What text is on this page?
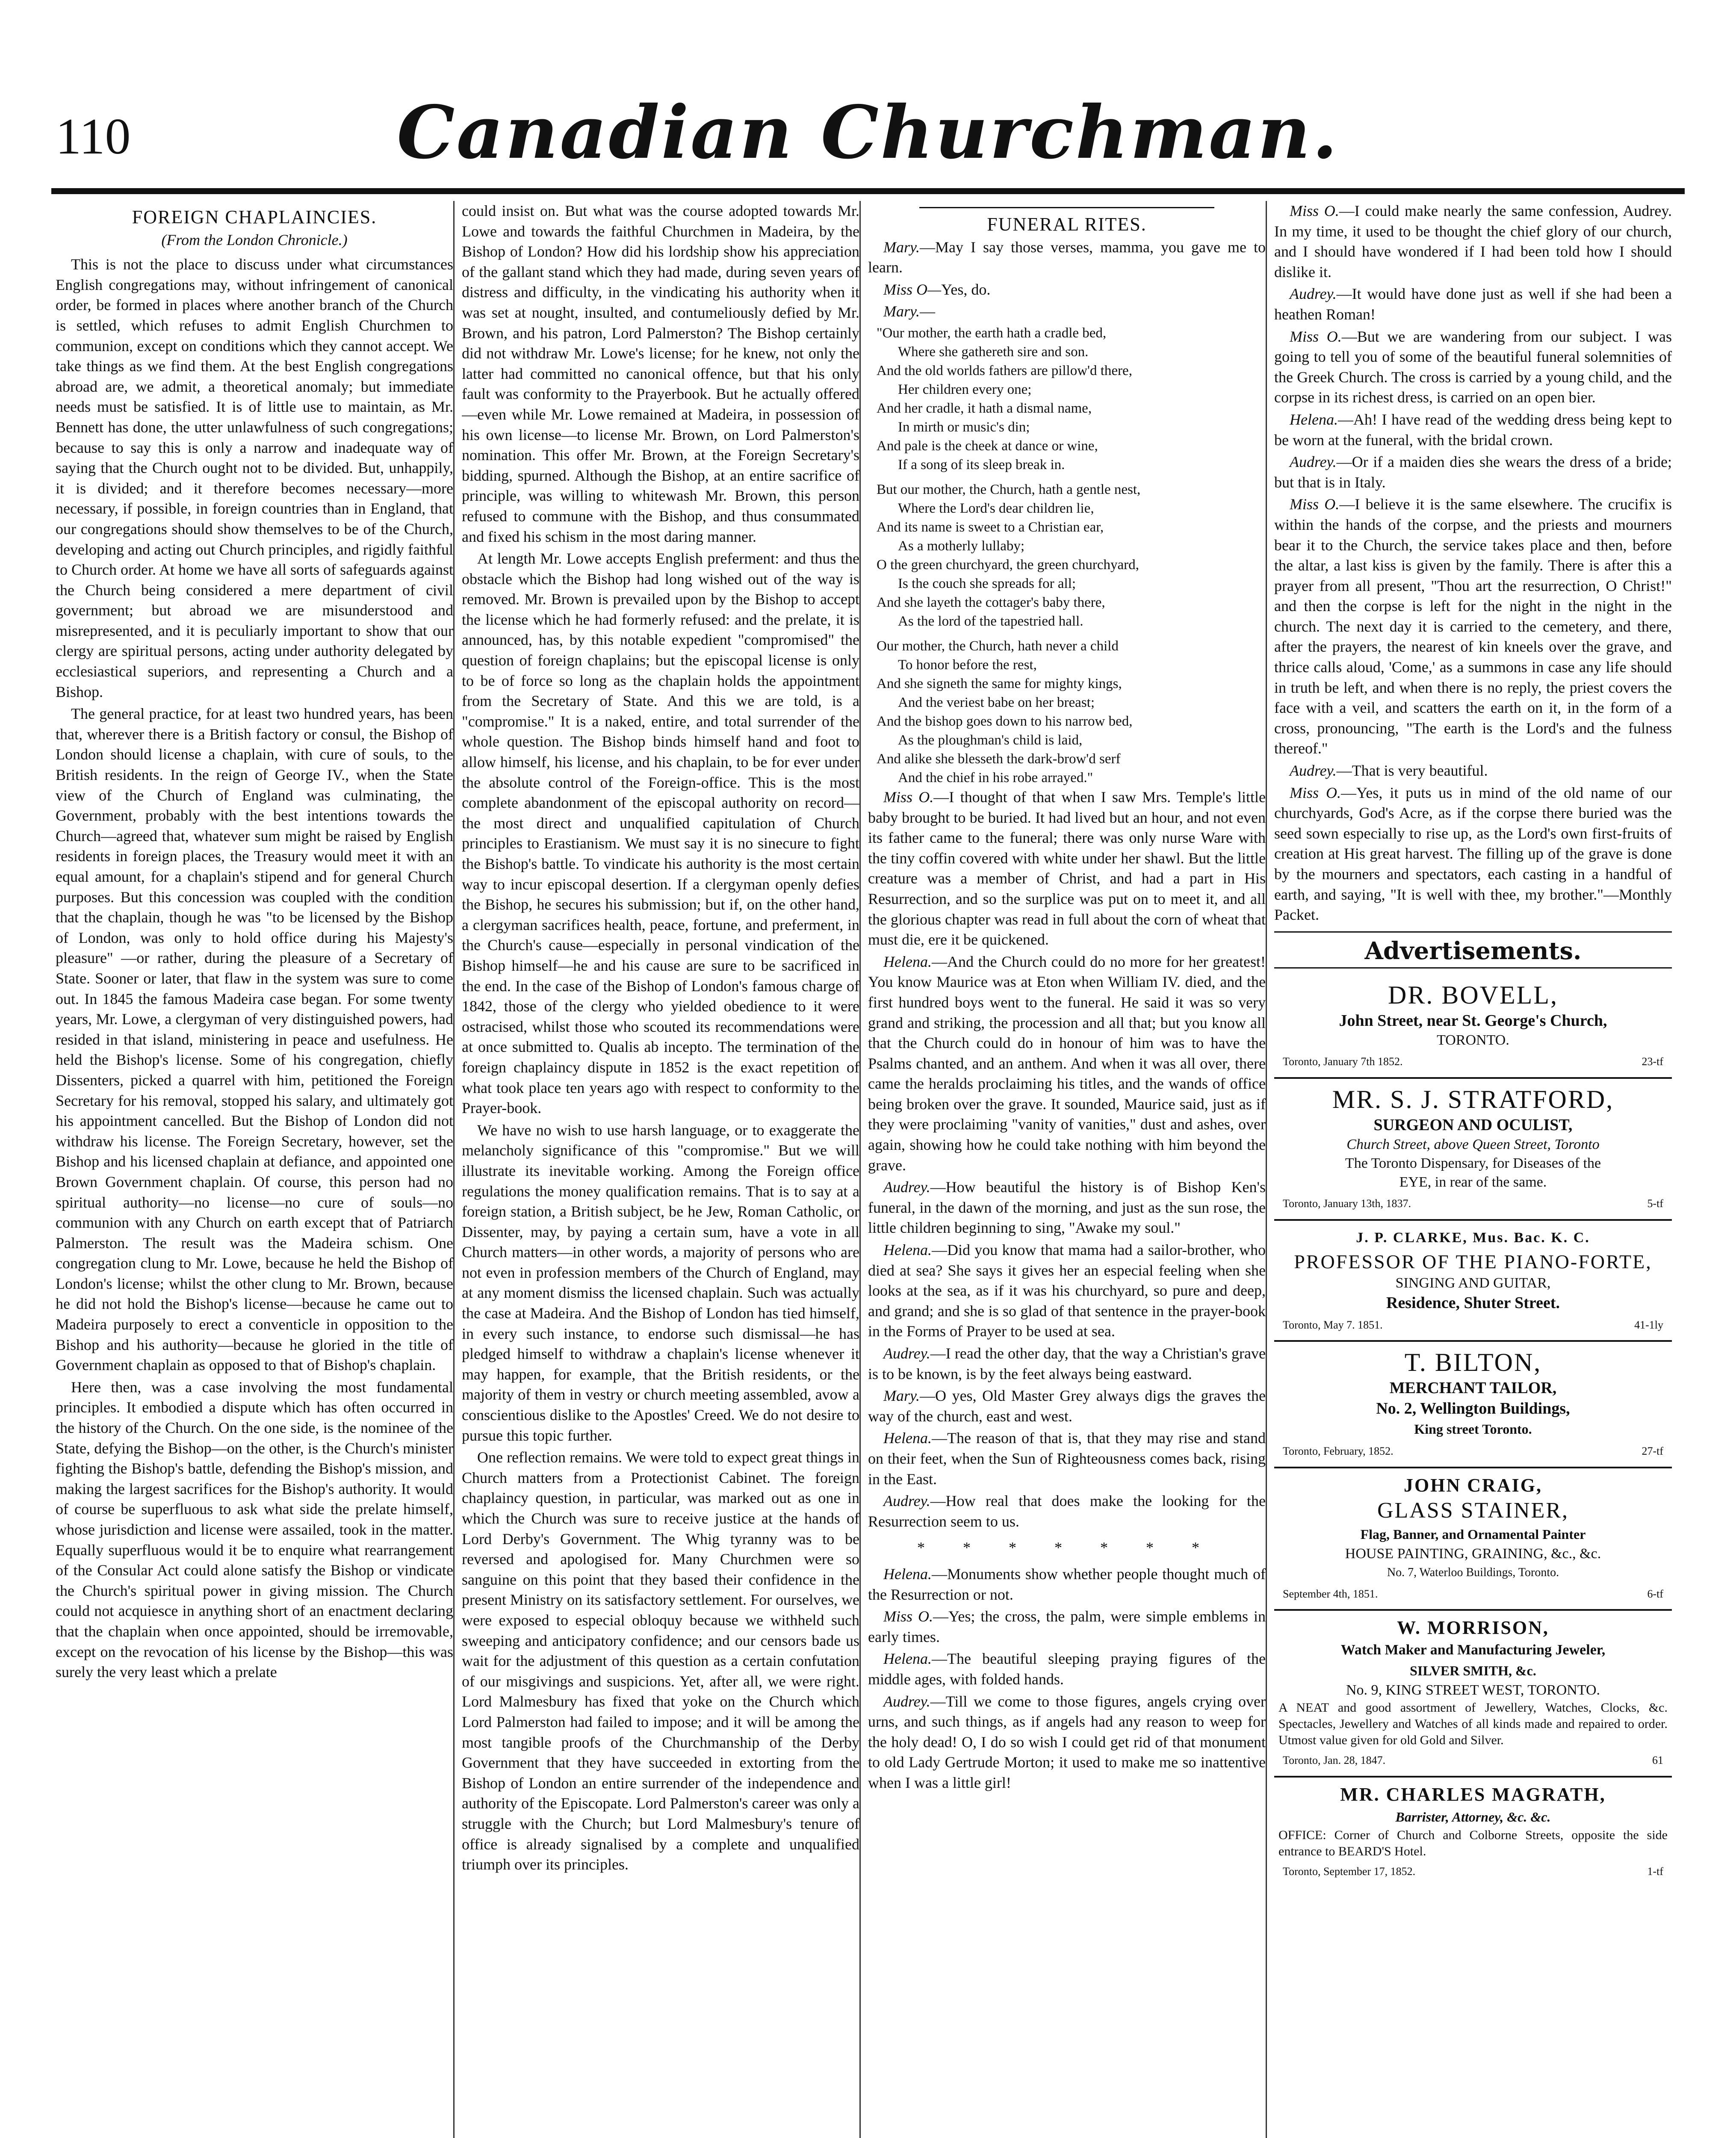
110	Canadian Churchman.
FOREIGN CHAPLAINCIES.
(From the London Chronicle.)

This is not the place to discuss under what circumstances English congregations may, without infringement of canonical order, be formed in places where another branch of the Church is settled, which refuses to admit English Churchmen to communion, except on conditions which they cannot accept. We take things as we find them. At the best English congregations abroad are, we admit, a theoretical anomaly; but immediate needs must be satisfied. It is of little use to maintain, as Mr. Bennett has done, the utter unlawfulness of such congregations; because to say this is only a narrow and inadequate way of saying that the Church ought not to be divided. But, unhappily, it is divided; and it therefore becomes necessary—more necessary, if possible, in foreign countries than in England, that our congregations should show themselves to be of the Church, developing and acting out Church principles, and rigidly faithful to Church order. At home we have all sorts of safeguards against the Church being considered a mere department of civil government; but abroad we are misunderstood and misrepresented, and it is peculiarly important to show that our clergy are spiritual persons, acting under authority delegated by ecclesiastical superiors, and representing a Church and a Bishop.

The general practice, for at least two hundred years, has been that, wherever there is a British factory or consul, the Bishop of London should license a chaplain, with cure of souls, to the British residents. In the reign of George IV., when the State view of the Church of England was culminating, the Government, probably with the best intentions towards the Church—agreed that, whatever sum might be raised by English residents in foreign places, the Treasury would meet it with an equal amount, for a chaplain's stipend and for general Church purposes. But this concession was coupled with the condition that the chaplain, though he was "to be licensed by the Bishop of London, was only to hold office during his Majesty's pleasure" —or rather, during the pleasure of a Secretary of State. Sooner or later, that flaw in the system was sure to come out. In 1845 the famous Madeira case began. For some twenty years, Mr. Lowe, a clergyman of very distinguished powers, had resided in that island, ministering in peace and usefulness. He held the Bishop's license. Some of his congregation, chiefly Dissenters, picked a quarrel with him, petitioned the Foreign Secretary for his removal, stopped his salary, and ultimately got his appointment cancelled. But the Bishop of London did not withdraw his license. The Foreign Secretary, however, set the Bishop and his licensed chaplain at defiance, and appointed one Brown Government chaplain. Of course, this person had no spiritual authority—no license—no cure of souls—no communion with any Church on earth except that of Patriarch Palmerston. The result was the Madeira schism. One congregation clung to Mr. Lowe, because he held the Bishop of London's license; whilst the other clung to Mr. Brown, because he did not hold the Bishop's license—because he came out to Madeira purposely to erect a conventicle in opposition to the Bishop and his authority—because he gloried in the title of Government chaplain as opposed to that of Bishop's chaplain.

Here then, was a case involving the most fundamental principles. It embodied a dispute which has often occurred in the history of the Church. On the one side, is the nominee of the State, defying the Bishop—on the other, is the Church's minister fighting the Bishop's battle, defending the Bishop's mission, and making the largest sacrifices for the Bishop's authority. It would of course be superfluous to ask what side the prelate himself, whose jurisdiction and license were assailed, took in the matter. Equally superfluous would it be to enquire what rearrangement of the Consular Act could alone satisfy the Bishop or vindicate the Church's spiritual power in giving mission. The Church could not acquiesce in anything short of an enactment declaring that the chaplain when once appointed, should be irremovable, except on the revocation of his license by the Bishop—this was surely the very least which a prelate

could insist on. But what was the course adopted towards Mr. Lowe and towards the faithful Churchmen in Madeira, by the Bishop of London? How did his lordship show his appreciation of the gallant stand which they had made, during seven years of distress and difficulty, in the vindicating his authority when it was set at nought, insulted, and contumeliously defied by Mr. Brown, and his patron, Lord Palmerston? The Bishop certainly did not withdraw Mr. Lowe's license; for he knew, not only the latter had committed no canonical offence, but that his only fault was conformity to the Prayerbook. But he actually offered—even while Mr. Lowe remained at Madeira, in possession of his own license—to license Mr. Brown, on Lord Palmerston's nomination. This offer Mr. Brown, at the Foreign Secretary's bidding, spurned. Although the Bishop, at an entire sacrifice of principle, was willing to whitewash Mr. Brown, this person refused to commune with the Bishop, and thus consummated and fixed his schism in the most daring manner.

At length Mr. Lowe accepts English preferment: and thus the obstacle which the Bishop had long wished out of the way is removed. Mr. Brown is prevailed upon by the Bishop to accept the license which he had formerly refused: and the prelate, it is announced, has, by this notable expedient "compromised" the question of foreign chaplains; but the episcopal license is only to be of force so long as the chaplain holds the appointment from the Secretary of State. And this we are told, is a "compromise." It is a naked, entire, and total surrender of the whole question. The Bishop binds himself hand and foot to allow himself, his license, and his chaplain, to be for ever under the absolute control of the Foreign-office. This is the most complete abandonment of the episcopal authority on record—the most direct and unqualified capitulation of Church principles to Erastianism. We must say it is no sinecure to fight the Bishop's battle. To vindicate his authority is the most certain way to incur episcopal desertion. If a clergyman openly defies the Bishop, he secures his submission; but if, on the other hand, a clergyman sacrifices health, peace, fortune, and preferment, in the Church's cause—especially in personal vindication of the Bishop himself—he and his cause are sure to be sacrificed in the end. In the case of the Bishop of London's famous charge of 1842, those of the clergy who yielded obedience to it were ostracised, whilst those who scouted its recommendations were at once submitted to. Qualis ab incepto. The termination of the foreign chaplaincy dispute in 1852 is the exact repetition of what took place ten years ago with respect to conformity to the Prayer-book.

We have no wish to use harsh language, or to exaggerate the melancholy significance of this "compromise." But we will illustrate its inevitable working. Among the Foreign office regulations the money qualification remains. That is to say at a foreign station, a British subject, be he Jew, Roman Catholic, or Dissenter, may, by paying a certain sum, have a vote in all Church matters—in other words, a majority of persons who are not even in profession members of the Church of England, may at any moment dismiss the licensed chaplain. Such was actually the case at Madeira. And the Bishop of London has tied himself, in every such instance, to endorse such dismissal—he has pledged himself to withdraw a chaplain's license whenever it may happen, for example, that the British residents, or the majority of them in vestry or church meeting assembled, avow a conscientious dislike to the Apostles' Creed. We do not desire to pursue this topic further.

One reflection remains. We were told to expect great things in Church matters from a Protectionist Cabinet. The foreign chaplaincy question, in particular, was marked out as one in which the Church was sure to receive justice at the hands of Lord Derby's Government. The Whig tyranny was to be reversed and apologised for. Many Churchmen were so sanguine on this point that they based their confidence in the present Ministry on its satisfactory settlement. For ourselves, we were exposed to especial obloquy because we withheld such sweeping and anticipatory confidence; and our censors bade us wait for the adjustment of this question as a certain confutation of our misgivings and suspicions. Yet, after all, we were right. Lord Malmesbury has fixed that yoke on the Church which Lord Palmerston had failed to impose; and it will be among the most tangible proofs of the Churchmanship of the Derby Government that they have succeeded in extorting from the Bishop of London an entire surrender of the independence and authority of the Episcopate. Lord Palmerston's career was only a struggle with the Church; but Lord Malmesbury's tenure of office is already signalised by a complete and unqualified triumph over its principles.

FUNERAL RITES.

Mary.—May I say those verses, mamma, you gave me to learn.

Miss O—Yes, do.

Mary.—

"Our mother, the earth hath a cradle bed,
Where she gathereth sire and son.
And the old worlds fathers are pillow'd there,
Her children every one;
And her cradle, it hath a dismal name,
In mirth or music's din;
And pale is the cheek at dance or wine,
If a song of its sleep break in.
But our mother, the Church, hath a gentle nest,
Where the Lord's dear children lie,
And its name is sweet to a Christian ear,
As a motherly lullaby;
O the green churchyard, the green churchyard,
Is the couch she spreads for all;
And she layeth the cottager's baby there,
As the lord of the tapestried hall.
Our mother, the Church, hath never a child
To honor before the rest,
And she signeth the same for mighty kings,
And the veriest babe on her breast;
And the bishop goes down to his narrow bed,
As the ploughman's child is laid,
And alike she blesseth the dark-brow'd serf
And the chief in his robe arrayed."

Miss O.—I thought of that when I saw Mrs. Temple's little baby brought to be buried. It had lived but an hour, and not even its father came to the funeral; there was only nurse Ware with the tiny coffin covered with white under her shawl. But the little creature was a member of Christ, and had a part in His Resurrection, and so the surplice was put on to meet it, and all the glorious chapter was read in full about the corn of wheat that must die, ere it be quickened.

Helena.—And the Church could do no more for her greatest! You know Maurice was at Eton when William IV. died, and the first hundred boys went to the funeral. He said it was so very grand and striking, the procession and all that; but you know all that the Church could do in honour of him was to have the Psalms chanted, and an anthem. And when it was all over, there came the heralds proclaiming his titles, and the wands of office being broken over the grave. It sounded, Maurice said, just as if they were proclaiming "vanity of vanities," dust and ashes, over again, showing how he could take nothing with him beyond the grave.

Audrey.—How beautiful the history is of Bishop Ken's funeral, in the dawn of the morning, and just as the sun rose, the little children beginning to sing, "Awake my soul."

Helena.—Did you know that mama had a sailor-brother, who died at sea? She says it gives her an especial feeling when she looks at the sea, as if it was his churchyard, so pure and deep, and grand; and she is so glad of that sentence in the prayer-book in the Forms of Prayer to be used at sea.

Audrey.—I read the other day, that the way a Christian's grave is to be known, is by the feet always being eastward.

Mary.—O yes, Old Master Grey always digs the graves the way of the church, east and west.

Helena.—The reason of that is, that they may rise and stand on their feet, when the Sun of Righteousness comes back, rising in the East.

Audrey.—How real that does make the looking for the Resurrection seem to us.

* * * * * * *

Helena.—Monuments show whether people thought much of the Resurrection or not.

Miss O.—Yes; the cross, the palm, were simple emblems in early times.

Helena.—The beautiful sleeping praying figures of the middle ages, with folded hands.

Audrey.—Till we come to those figures, angels crying over urns, and such things, as if angels had any reason to weep for the holy dead! O, I do so wish I could get rid of that monument to old Lady Gertrude Morton; it used to make me so inattentive when I was a little girl!

Miss O.—I could make nearly the same confession, Audrey. In my time, it used to be thought the chief glory of our church, and I should have wondered if I had been told how I should dislike it.

Audrey.—It would have done just as well if she had been a heathen Roman!

Miss O.—But we are wandering from our subject. I was going to tell you of some of the beautiful funeral solemnities of the Greek Church. The cross is carried by a young child, and the corpse in its richest dress, is carried on an open bier.

Helena.—Ah! I have read of the wedding dress being kept to be worn at the funeral, with the bridal crown.

Audrey.—Or if a maiden dies she wears the dress of a bride; but that is in Italy.

Miss O.—I believe it is the same elsewhere. The crucifix is within the hands of the corpse, and the priests and mourners bear it to the Church, the service takes place and then, before the altar, a last kiss is given by the family. There is after this a prayer from all present, "Thou art the resurrection, O Christ!" and then the corpse is left for the night in the night in the church. The next day it is carried to the cemetery, and there, after the prayers, the nearest of kin kneels over the grave, and thrice calls aloud, 'Come,' as a summons in case any life should in truth be left, and when there is no reply, the priest covers the face with a veil, and scatters the earth on it, in the form of a cross, pronouncing, "The earth is the Lord's and the fulness thereof."

Audrey.—That is very beautiful.

Miss O.—Yes, it puts us in mind of the old name of our churchyards, God's Acre, as if the corpse there buried was the seed sown especially to rise up, as the Lord's own first-fruits of creation at His great harvest. The filling up of the grave is done by the mourners and spectators, each casting in a handful of earth, and saying, "It is well with thee, my brother."—Monthly Packet.

Advertisements.
DR. BOVELL,
John Street, near St. George's Church,
TORONTO.
Toronto, January 7th 1852.	23-tf
MR. S. J. STRATFORD,
SURGEON AND OCULIST,
Church Street, above Queen Street, Toronto
The Toronto Dispensary, for Diseases of the
EYE, in rear of the same.
Toronto, January 13th, 1837.	5-tf
J. P. CLARKE, Mus. Bac. K. C.
PROFESSOR OF THE PIANO-FORTE,
SINGING AND GUITAR,
Residence, Shuter Street.
Toronto, May 7. 1851.	41-1ly
T. BILTON,
MERCHANT TAILOR,
No. 2, Wellington Buildings,
King street Toronto.
Toronto, February, 1852.	27-tf
JOHN CRAIG,
GLASS STAINER,
Flag, Banner, and Ornamental Painter
HOUSE PAINTING, GRAINING, &c., &c.
No. 7, Waterloo Buildings, Toronto.
September 4th, 1851.	6-tf
W. MORRISON,
Watch Maker and Manufacturing Jeweler,
SILVER SMITH, &c.
No. 9, KING STREET WEST, TORONTO.
A NEAT and good assortment of Jewellery, Watches, Clocks, &c. Spectacles, Jewellery and Watches of all kinds made and repaired to order. Utmost value given for old Gold and Silver.
Toronto, Jan. 28, 1847.	61
MR. CHARLES MAGRATH,
Barrister, Attorney, &c. &c.
OFFICE: Corner of Church and Colborne Streets, opposite the side entrance to BEARD'S Hotel.
Toronto, September 17, 1852.	1-tf
